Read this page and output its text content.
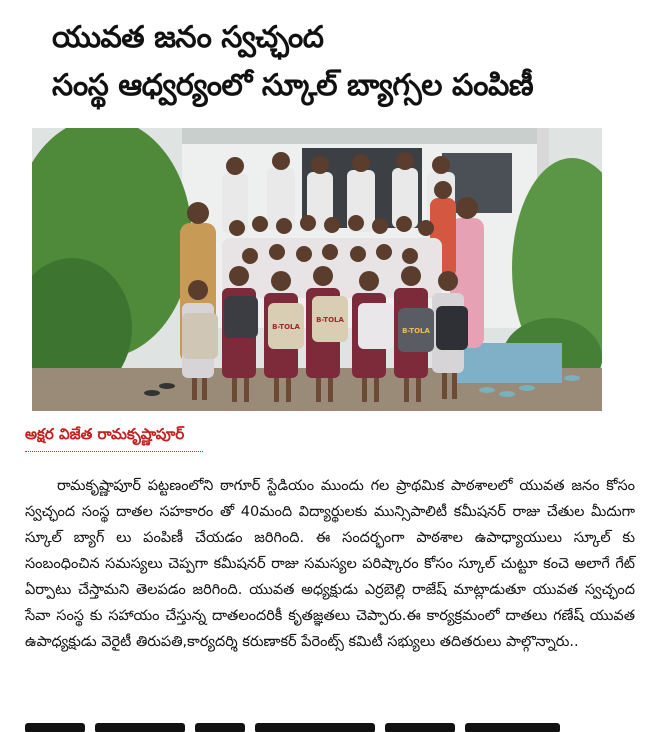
యువత జనం స్వచ్ఛంద
సంస్థ ఆధ్వర్యంలో స్కూల్ బ్యాగ్సల పంపిణీ
B-TOLA
B-TOLA
B-TOLA
అక్షర విజేత రామకృష్ణాపూర్

రామకృష్ణాపూర్ పట్టణంలోని ఠాగూర్ స్టేడియం ముందు గల ప్రాథమిక పాఠశాలలో యువత జనం కోసం స్వచ్ఛంద సంస్థ దాతల సహకారం తో 40మంది విద్యార్థులకు మున్సిపాలిటీ కమీషనర్ రాజు చేతుల మీదుగా స్కూల్ బ్యాగ్ లు పంపిణీ చేయడం జరిగింది. ఈ సందర్భంగా పాఠశాల ఉపాధ్యాయులు స్కూల్ కు సంబంధించిన సమస్యలు చెప్పగా కమీషనర్ రాజు సమస్యల పరిష్కారం కోసం స్కూల్ చుట్టూ కంచె అలాగే గేట్ ఏర్పాటు చేస్తామని తెలపడం జరిగింది. యువత అధ్యక్షుడు ఎర్రబెల్లి రాజేష్ మాట్లాడుతూ యువత స్వచ్ఛంద సేవా సంస్థ కు సహాయం చేస్తున్న దాతలందరికీ కృతజ్ఞతలు చెప్పారు.ఈ కార్యక్రమంలో దాతలు గణేష్ యువత ఉపాధ్యక్షుడు వెరైటీ తిరుపతి,కార్యదర్శి కరుణాకర్ పేరెంట్స్ కమిటీ సభ్యులు తదితరులు పాల్గొన్నారు..
